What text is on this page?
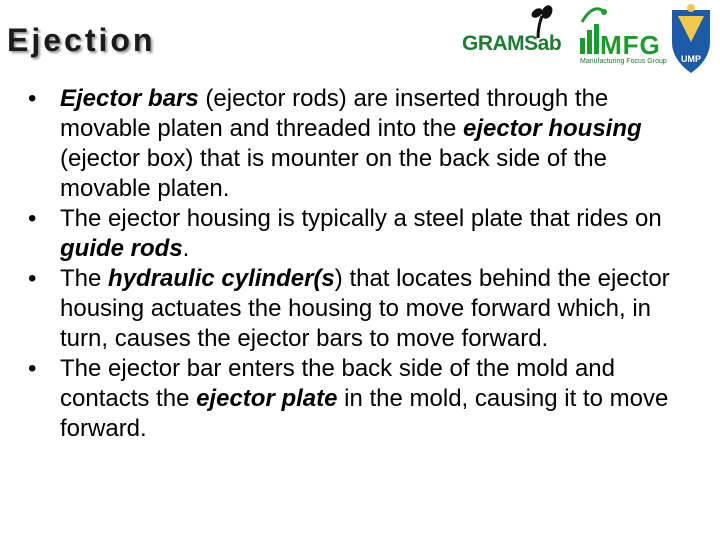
Ejection	GRAMSab MFG
Manufacturing Focus Group UMP
• Ejector bars (ejector rods) are inserted through the movable platen and threaded into the ejector housing (ejector box) that is mounter on the back side of the movable platen.
• The ejector housing is typically a steel plate that rides on guide rods.
• The hydraulic cylinder(s) that locates behind the ejector housing actuates the housing to move forward which, in turn, causes the ejector bars to move forward.
• The ejector bar enters the back side of the mold and contacts the ejector plate in the mold, causing it to move forward.
